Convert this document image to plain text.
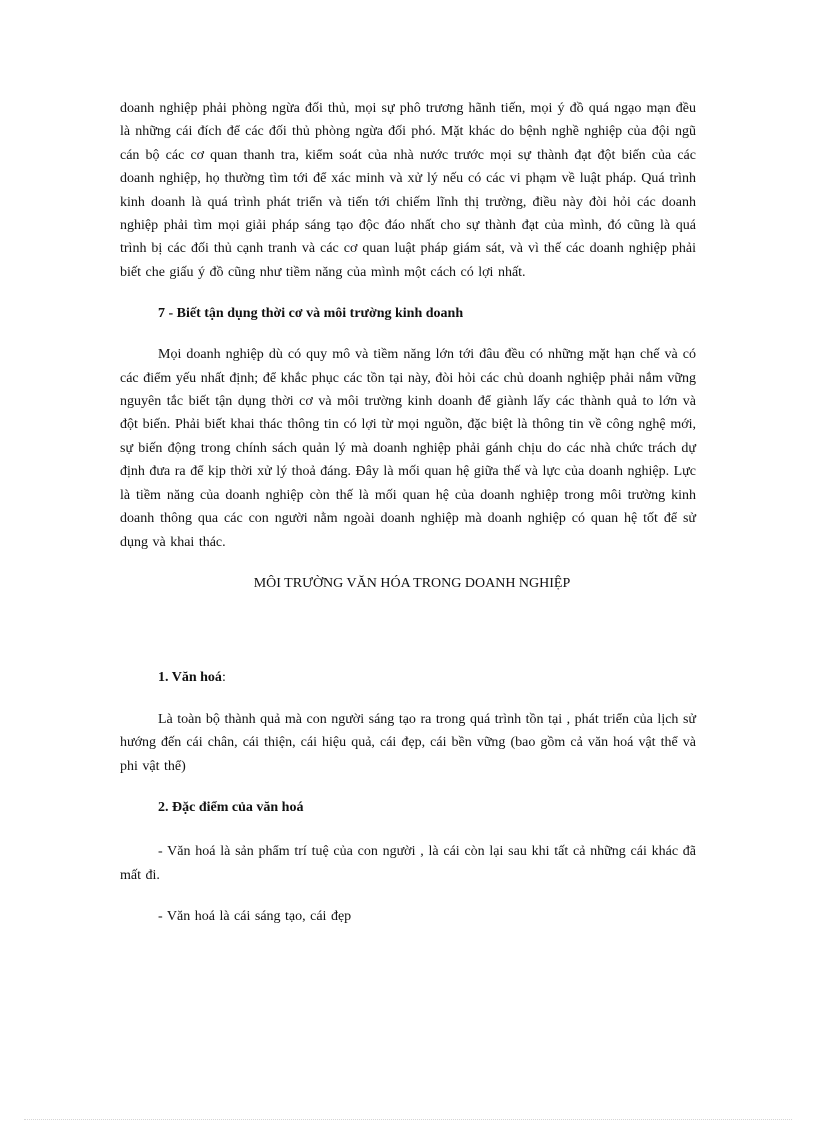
doanh nghiệp phải phòng ngừa đối thủ, mọi sự phô trương hãnh tiến, mọi ý đồ quá ngạo mạn đều là những cái đích để các đối thủ phòng ngừa đối phó. Mặt khác do bệnh nghề nghiệp của đội ngũ cán bộ các cơ quan thanh tra, kiểm soát của nhà nước trước mọi sự thành đạt đột biến của các doanh nghiệp, họ thường tìm tới để xác minh và xử lý nếu có các vi phạm về luật pháp. Quá trình kinh doanh là quá trình phát triển và tiến tới chiếm lĩnh thị trường, điều này đòi hỏi các doanh nghiệp phải tìm mọi giải pháp sáng tạo độc đáo nhất cho sự thành đạt của mình, đó cũng là quá trình bị các đối thủ cạnh tranh và các cơ quan luật pháp giám sát, và vì thế các doanh nghiệp phải biết che giấu ý đồ cũng như tiềm năng của mình một cách có lợi nhất.

7 - Biết tận dụng thời cơ và môi trường kinh doanh

Mọi doanh nghiệp dù có quy mô và tiềm năng lớn tới đâu đều có những mặt hạn chế và có các điểm yếu nhất định; để khắc phục các tồn tại này, đòi hỏi các chủ doanh nghiệp phải nắm vững nguyên tắc biết tận dụng thời cơ và môi trường kinh doanh để giành lấy các thành quả to lớn và đột biến. Phải biết khai thác thông tin có lợi từ mọi nguồn, đặc biệt là thông tin về công nghệ mới, sự biến động trong chính sách quản lý mà doanh nghiệp phải gánh chịu do các nhà chức trách dự định đưa ra để kịp thời xử lý thoả đáng. Đây là mối quan hệ giữa thế và lực của doanh nghiệp. Lực là tiềm năng của doanh nghiệp còn thế là mối quan hệ của doanh nghiệp trong môi trường kinh doanh thông qua các con người nằm ngoài doanh nghiệp mà doanh nghiệp có quan hệ tốt để sử dụng và khai thác.

MÔI TRƯỜNG VĂN HÓA TRONG DOANH NGHIỆP

1. Văn hoá:

Là toàn bộ thành quả mà con người sáng tạo ra trong quá trình tồn tại , phát triển của lịch sử hướng đến cái chân, cái thiện, cái hiệu quả, cái đẹp, cái bền vững (bao gồm cả văn hoá vật thể và phi vật thể)

2. Đặc điểm của văn hoá

- Văn hoá là sản phẩm trí tuệ của con người , là cái còn lại sau khi tất cả những cái khác đã mất đi.

- Văn hoá là cái sáng tạo, cái đẹp
